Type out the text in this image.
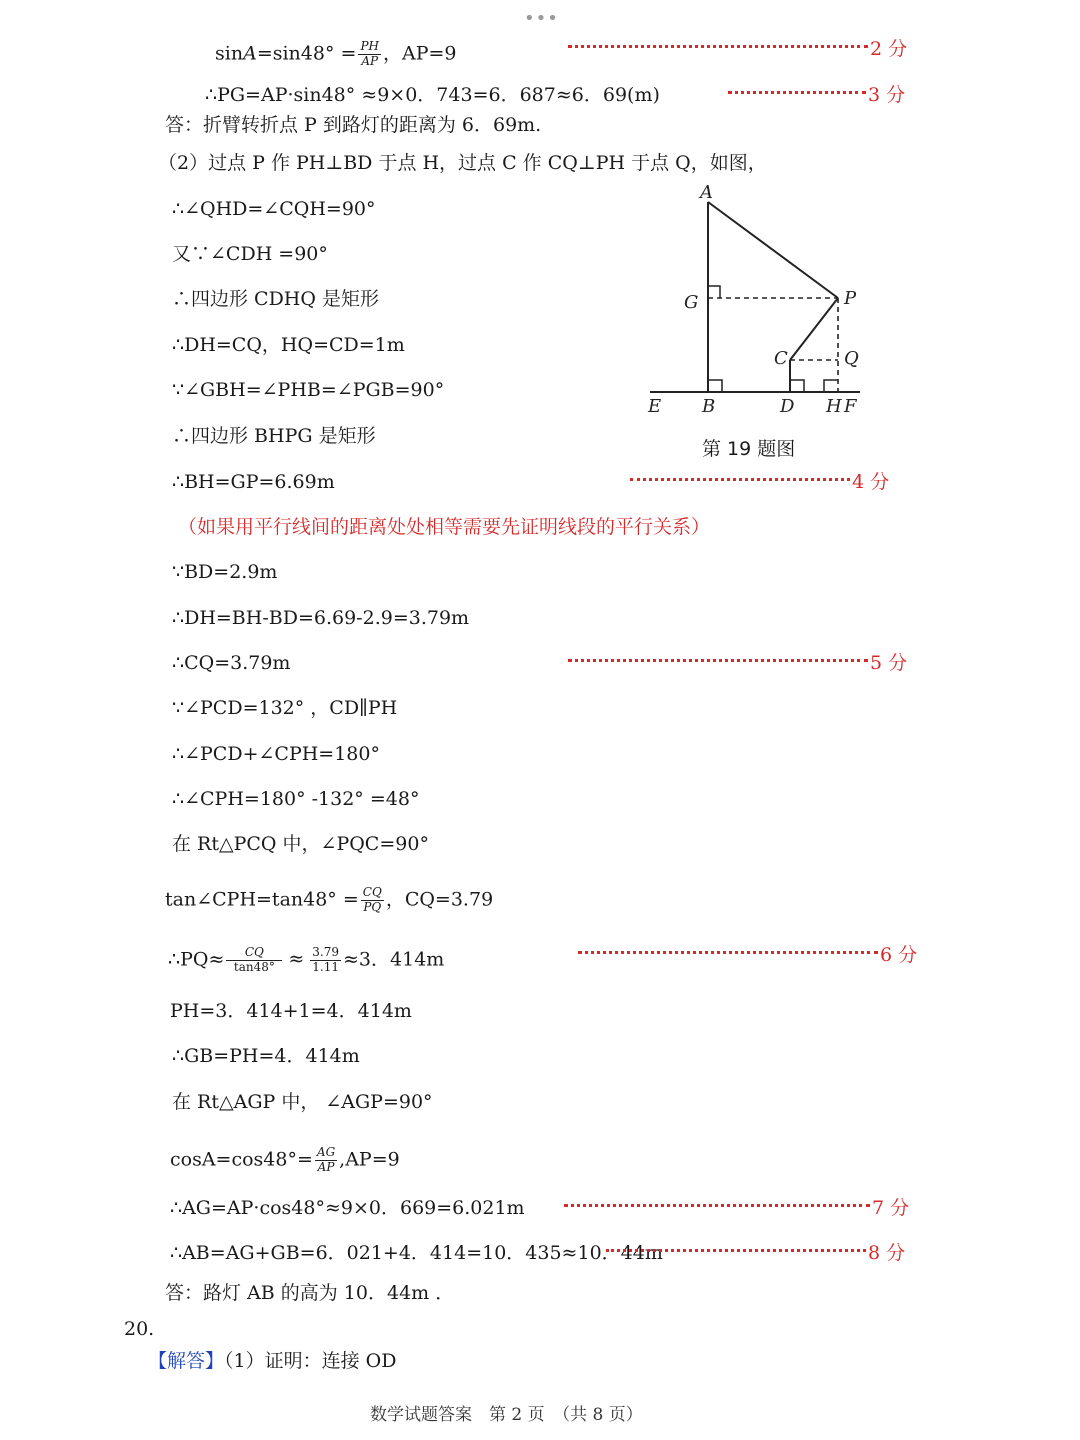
•••
$\sin A=\sin 48^\circ = \frac{PH}{AP}$ ，AP=9	2 分
∴PG=AP·sin48° ≈9×0．743=6．687≈6．69(m)	3 分
答：折臂转折点 P 到路灯的距离为 6．69m.
（2）过点 P 作 PH⊥BD 于点 H，过点 C 作 CQ⊥PH 于点 Q，如图，
∴∠QHD=∠CQH=90°
又∵∠CDH =90°
∴四边形 CDHQ 是矩形
∴DH=CQ，HQ=CD=1m
∵∠GBH=∠PHB=∠PGB=90°
∴四边形 BHPG 是矩形
∴BH=GP=6.69m	4 分
（如果用平行线间的距离处处相等需要先证明线段的平行关系）
∵BD=2.9m
∴DH=BH-BD=6.69-2.9=3.79m
∴CQ=3.79m	5 分
∵∠PCD=132° ，CD∥PH
∴∠PCD+∠CPH=180°
∴∠CPH=180° -132° =48°
在 Rt△PCQ 中，∠PQC=90°
tan∠CPH=tan48° = $\frac{CQ}{PQ}$ ，CQ=3.79
∴PQ≈ $\frac{CQ}{\tan 48^\circ} \approx \frac{3.79}{1.11} \approx 3$．414m	6 分
PH=3．414+1=4．414m
∴GB=PH=4．414m
在 Rt△AGP 中， ∠AGP=90°
$\cos A=\cos 48^\circ= \frac{AG}{AP} ,AP=9$
∴AG=AP·cos48°≈9×0．669=6.021m	7 分
∴AB=AG+GB=6．021+4．414=10．435≈10．44m	8 分
答：路灯 AB 的高为 10．44m ．
20.
【解答】（1）证明：连接 OD
A
G	P
C	Q
E B	D H F
第 19 题图
数学试题答案　第 2 页　（共 8 页）
